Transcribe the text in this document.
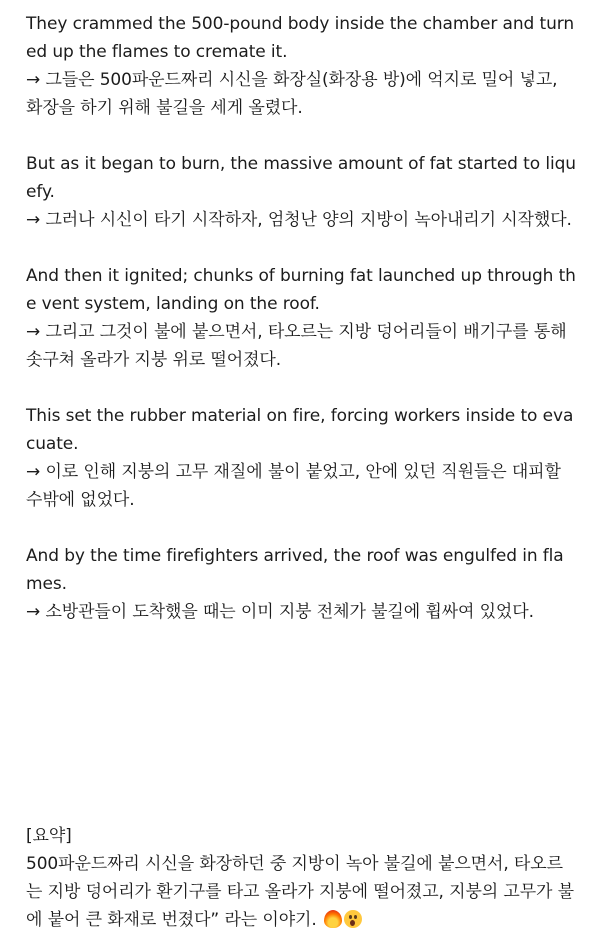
They crammed the 500-pound body inside the chamber and turned up the flames to cremate it.

→ 그들은 500파운드짜리 시신을 화장실(화장용 방)에 억지로 밀어 넣고, 화장을 하기 위해 불길을 세게 올렸다.

But as it began to burn, the massive amount of fat started to liquefy.

→ 그러나 시신이 타기 시작하자, 엄청난 양의 지방이 녹아내리기 시작했다.

And then it ignited; chunks of burning fat launched up through the vent system, landing on the roof.

→ 그리고 그것이 불에 붙으면서, 타오르는 지방 덩어리들이 배기구를 통해 솟구쳐 올라가 지붕 위로 떨어졌다.

This set the rubber material on fire, forcing workers inside to evacuate.

→ 이로 인해 지붕의 고무 재질에 불이 붙었고, 안에 있던 직원들은 대피할 수밖에 없었다.

And by the time firefighters arrived, the roof was engulfed in flames.

→ 소방관들이 도착했을 때는 이미 지붕 전체가 불길에 휩싸여 있었다.

[요약]

500파운드짜리 시신을 화장하던 중 지방이 녹아 불길에 붙으면서, 타오르는 지방 덩어리가 환기구를 타고 올라가 지붕에 떨어졌고, 지붕의 고무가 불에 붙어 큰 화재로 번졌다” 라는 이야기.
